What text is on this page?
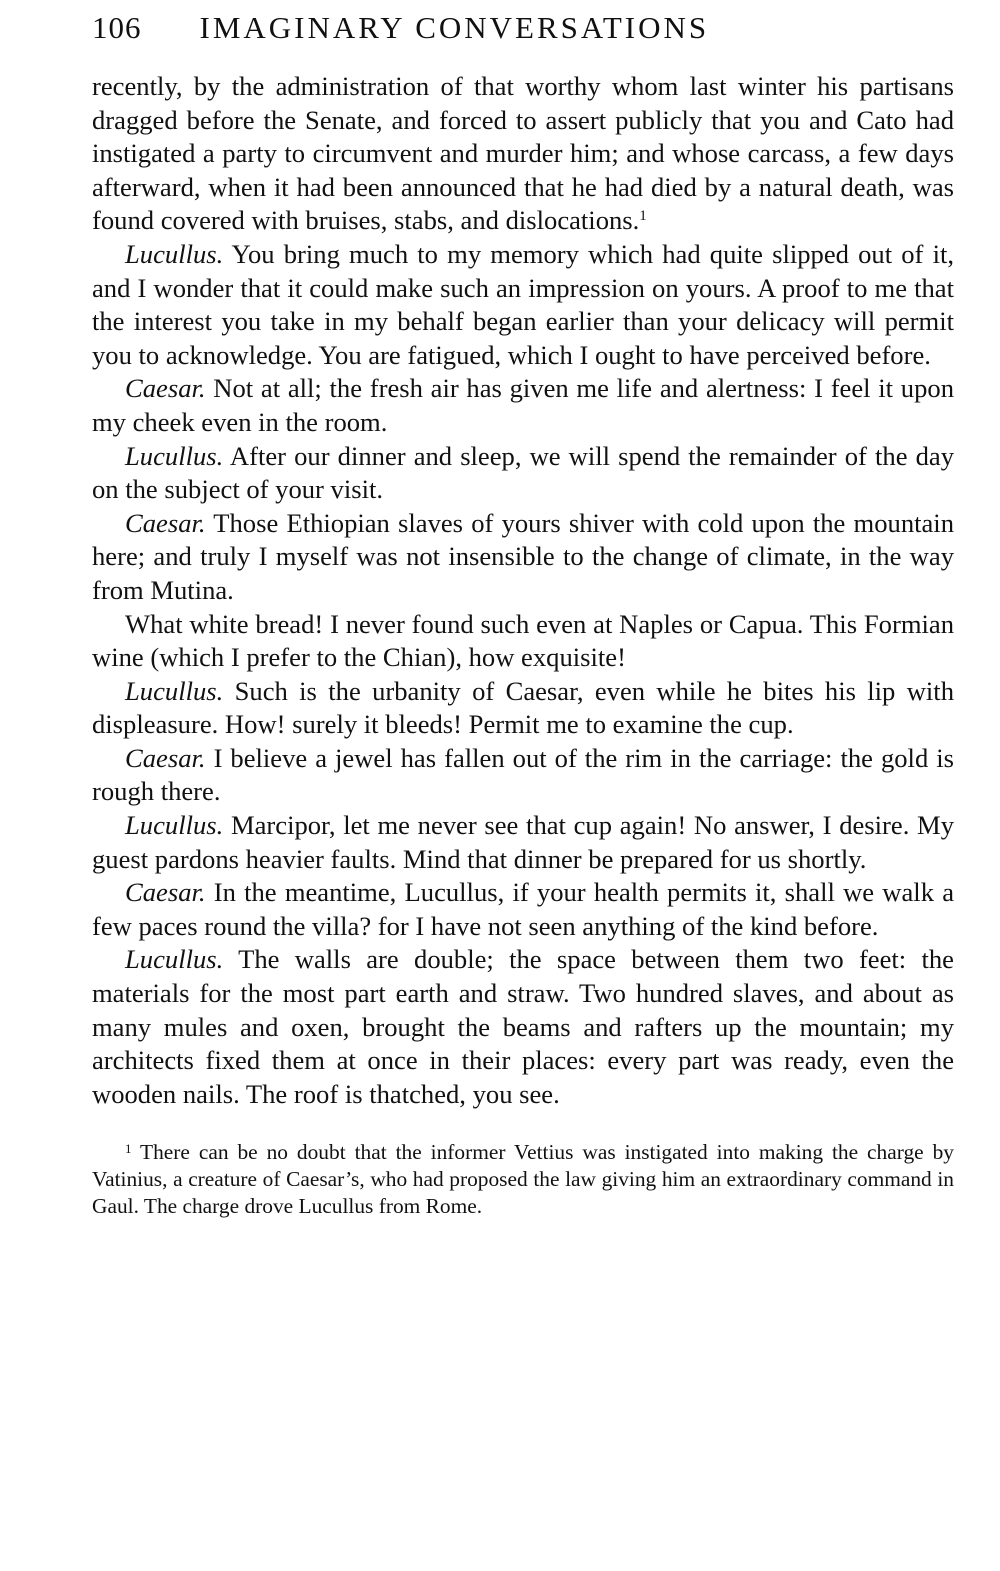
106 IMAGINARY CONVERSATIONS

recently, by the administration of that worthy whom last winter his partisans dragged before the Senate, and forced to assert publicly that you and Cato had instigated a party to circumvent and murder him; and whose carcass, a few days afterward, when it had been announced that he had died by a natural death, was found covered with bruises, stabs, and dislocations.$^1$

Lucullus. You bring much to my memory which had quite slipped out of it, and I wonder that it could make such an impression on yours. A proof to me that the interest you take in my behalf began earlier than your delicacy will permit you to acknowledge. You are fatigued, which I ought to have perceived before.

Caesar. Not at all; the fresh air has given me life and alertness: I feel it upon my cheek even in the room.

Lucullus. After our dinner and sleep, we will spend the remainder of the day on the subject of your visit.

Caesar. Those Ethiopian slaves of yours shiver with cold upon the mountain here; and truly I myself was not insensible to the change of climate, in the way from Mutina.

What white bread! I never found such even at Naples or Capua. This Formian wine (which I prefer to the Chian), how exquisite!

Lucullus. Such is the urbanity of Caesar, even while he bites his lip with displeasure. How! surely it bleeds! Permit me to examine the cup.

Caesar. I believe a jewel has fallen out of the rim in the carriage: the gold is rough there.

Lucullus. Marcipor, let me never see that cup again! No answer, I desire. My guest pardons heavier faults. Mind that dinner be prepared for us shortly.

Caesar. In the meantime, Lucullus, if your health permits it, shall we walk a few paces round the villa? for I have not seen anything of the kind before.

Lucullus. The walls are double; the space between them two feet: the materials for the most part earth and straw. Two hundred slaves, and about as many mules and oxen, brought the beams and rafters up the mountain; my architects fixed them at once in their places: every part was ready, even the wooden nails. The roof is thatched, you see.

$^1$ There can be no doubt that the informer Vettius was instigated into making the charge by Vatinius, a creature of Caesar’s, who had proposed the law giving him an extraordinary command in Gaul. The charge drove Lucullus from Rome.
